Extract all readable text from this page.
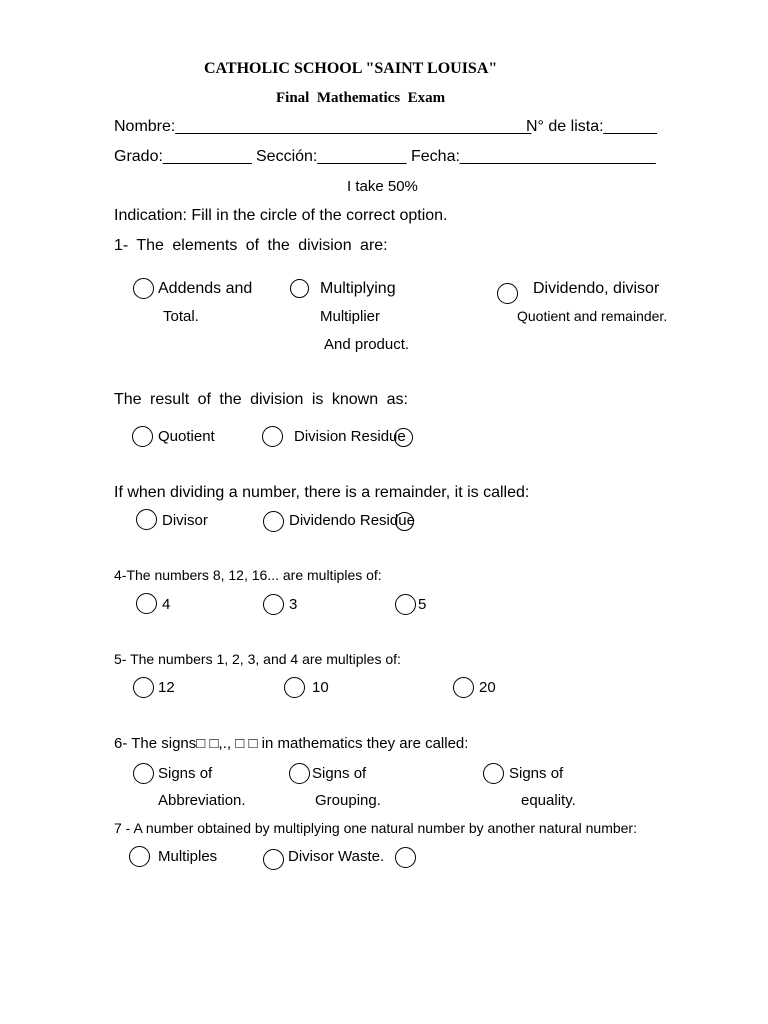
CATHOLIC SCHOOL "SAINT LOUISA"
Final  Mathematics  Exam
Nombre:________________________________________
N° de lista:______
Grado:__________ Sección:__________ Fecha:______________________
I take 50%
Indication: Fill in the circle of the correct option.
1- The elements of the division are:
Addends and
Total.
Multiplying
Multiplier
And product.
Dividendo, divisor
Quotient and remainder.
The result of the division is known as:
Quotient	Division Residue
If when dividing a number, there is a remainder, it is called:
Divisor	Dividendo Residue
4-The numbers 8, 12, 16... are multiples of:
4	3	5
5- The numbers 1, 2, 3, and 4 are multiples of:
12	10	20
6- The signs□ □,., □ □ in mathematics they are called:
Signs of
Abbreviation.
Signs of
Grouping.
Signs of
equality.
7 - A number obtained by multiplying one natural number by another natural number:
Multiples	Divisor Waste.
